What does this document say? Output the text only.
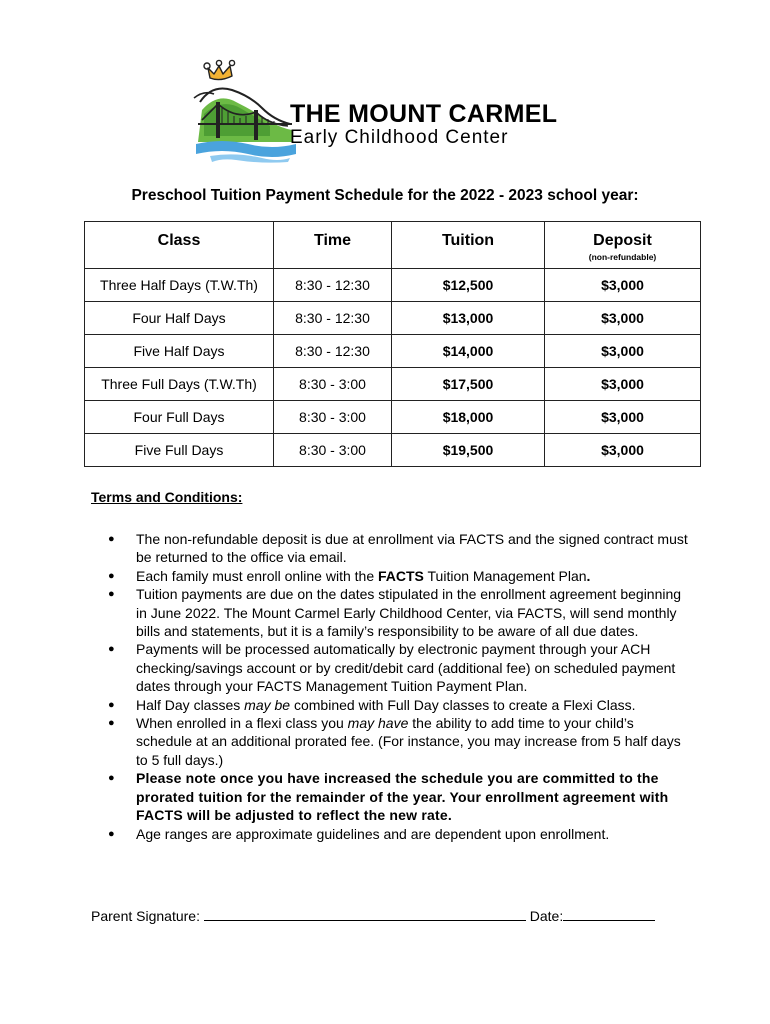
THE MOUNT CARMEL
Early Childhood Center
Preschool Tuition Payment Schedule for the 2022 - 2023 school year:
Class	Time	Tuition	Deposit
(non-refundable)

Three Half Days (T.W.Th)	8:30 - 12:30	$12,500	$3,000
Four Half Days	8:30 - 12:30	$13,000	$3,000
Five Half Days	8:30 - 12:30	$14,000	$3,000
Three Full Days (T.W.Th)	8:30 - 3:00	$17,500	$3,000
Four Full Days	8:30 - 3:00	$18,000	$3,000
Five Full Days	8:30 - 3:00	$19,500	$3,000
Terms and Conditions:
● The non-refundable deposit is due at enrollment via FACTS and the signed contract must be returned to the office via email.
● Each family must enroll online with the FACTS Tuition Management Plan.
● Tuition payments are due on the dates stipulated in the enrollment agreement beginning in June 2022. The Mount Carmel Early Childhood Center, via FACTS, will send monthly bills and statements, but it is a family’s responsibility to be aware of all due dates.
● Payments will be processed automatically by electronic payment through your ACH checking/savings account or by credit/debit card (additional fee) on scheduled payment dates through your FACTS Management Tuition Payment Plan.
● Half Day classes may be combined with Full Day classes to create a Flexi Class.
● When enrolled in a flexi class you may have the ability to add time to your child’s schedule at an additional prorated fee. (For instance, you may increase from 5 half days to 5 full days.)
● Please note once you have increased the schedule you are committed to the prorated tuition for the remainder of the year. Your enrollment agreement with FACTS will be adjusted to reflect the new rate.
● Age ranges are approximate guidelines and are dependent upon enrollment.
Parent Signature:	Date:
